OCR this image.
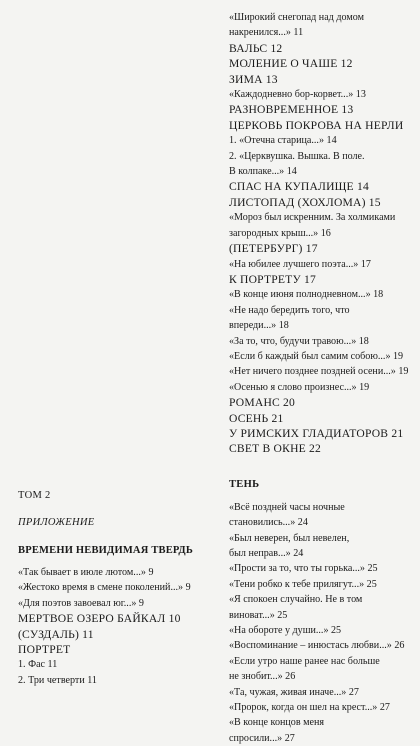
ТОМ 2
ПРИЛОЖЕНИЕ
ВРЕМЕНИ НЕВИДИМАЯ ТВЕРДЬ
«Так бывает в июле лютом...» 9
«Жестоко время в смене поколений...» 9
«Для поэтов завоевал юг...» 9
МЕРТВОЕ ОЗЕРО БАЙКАЛ 10
(СУЗДАЛЬ) 11
ПОРТРЕТ
1. Фас 11
2. Три четверти 11
«Широкий снегопад над домом
накренился...» 11
ВАЛЬС 12
МОЛЕНИЕ О ЧАШЕ 12
ЗИМА 13
«Каждодневно бор-корвет...» 13
РАЗНОВРЕМЕННОЕ 13
ЦЕРКОВЬ ПОКРОВА НА НЕРЛИ
1. «Отечна старица...» 14
2. «Церквушка. Вышка. В поле.
В колпаке...» 14
СПАС НА КУПАЛИЩЕ 14
ЛИСТОПАД (ХОХЛОМА) 15
«Мороз был искренним. За холмиками
загородных крыш...» 16
(ПЕТЕРБУРГ) 17
«На юбилее лучшего поэта...» 17
К ПОРТРЕТУ 17
«В конце июня полноднeвном...» 18
«Не надо бередить того, что
впереди...» 18
«За то, что, будучи травою...» 18
«Если б каждый был самим собою...» 19
«Нет ничего позднее поздней осени...» 19
«Осенью я слово произнес...» 19
РОМАНС 20
ОСЕНЬ 21
У РИМСКИХ ГЛАДИАТОРОВ 21
СВЕТ В ОКНЕ 22
ТЕНЬ
«Всё поздней часы ночные
становились...» 24
«Был неверен, был невелен,
был неправ...» 24
«Прости за то, что ты горька...» 25
«Тени робко к тебе прилягут...» 25
«Я спокоен случайно. Не в том
виноват...» 25
«На обороте у души...» 25
«Воспоминание – инюстась любви...» 26
«Если утро наше ранее нас больше
не знобит...» 26
«Та, чужая, живая иначе...» 27
«Пророк, когда он шел на крест...» 27
«В конце концов меня
спросили...» 27
